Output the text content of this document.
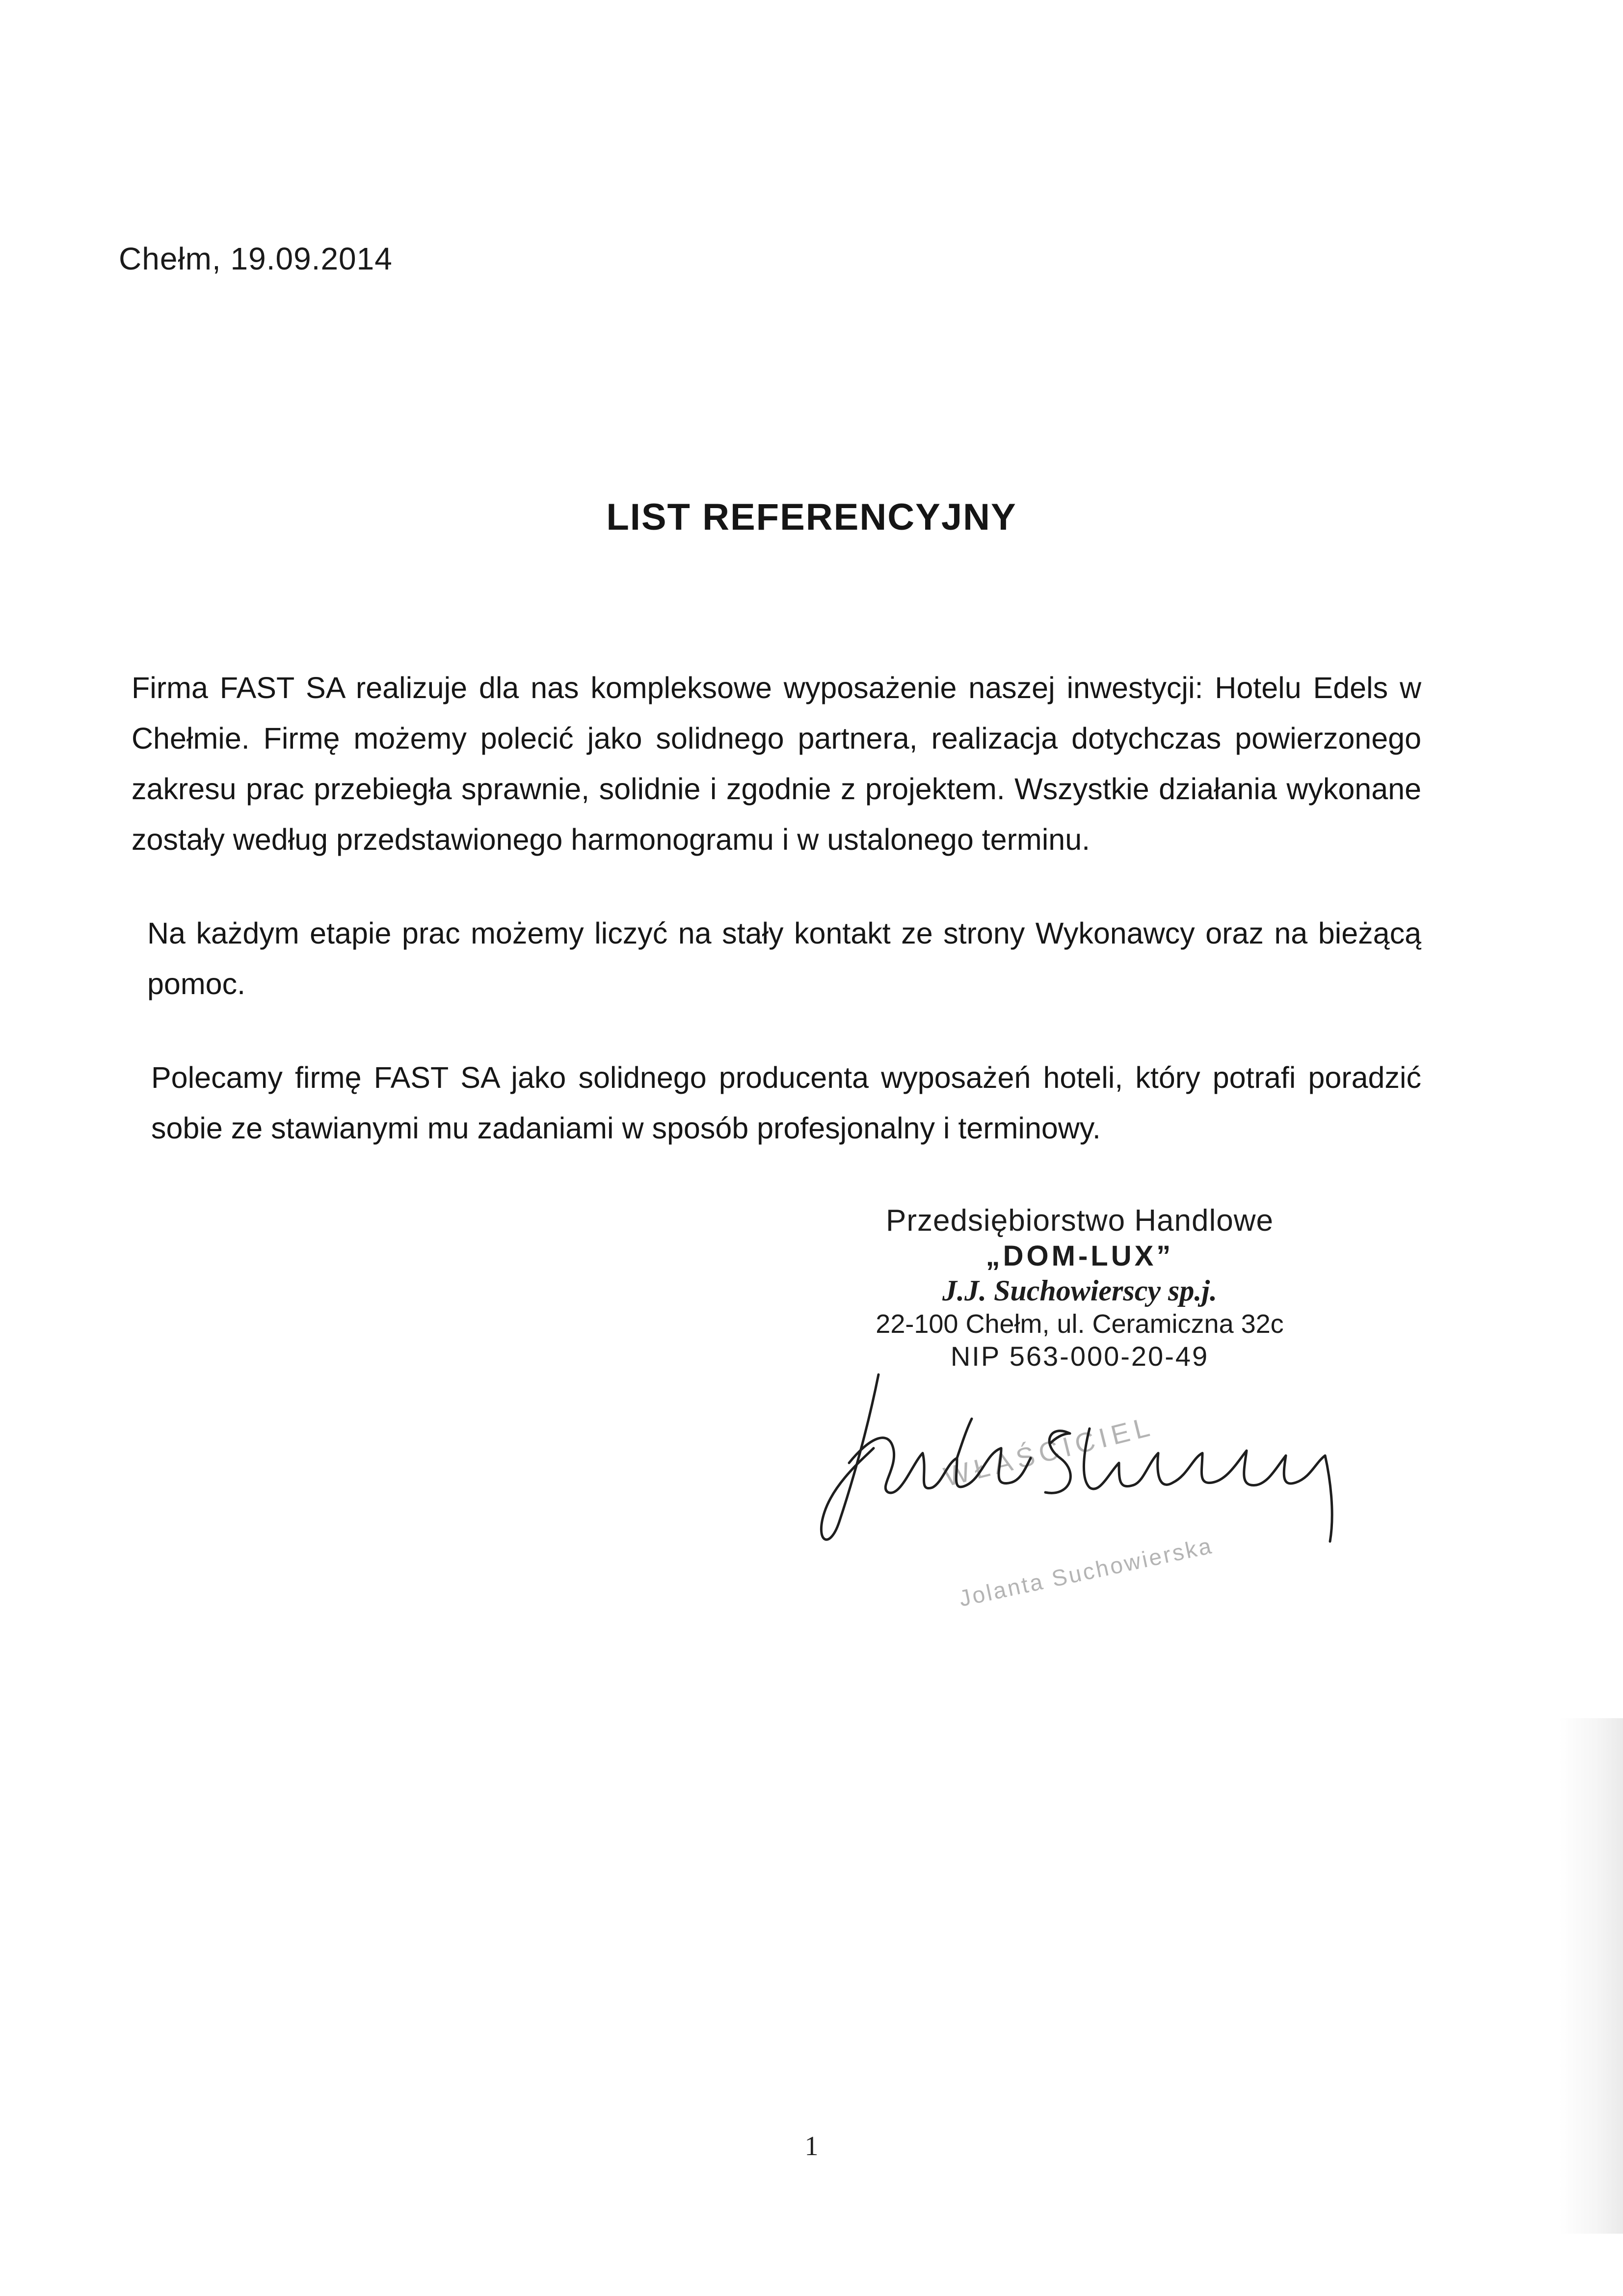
Chełm, 19.09.2014
LIST REFERENCYJNY

Firma FAST SA realizuje dla nas kompleksowe wyposażenie naszej inwestycji: Hotelu Edels w Chełmie. Firmę możemy polecić jako solidnego partnera, realizacja dotychczas powierzonego zakresu prac przebiegła sprawnie, solidnie i zgodnie z projektem. Wszystkie działania wykonane zostały według przedstawionego harmonogramu i w ustalonego terminu.

Na każdym etapie prac możemy liczyć na stały kontakt ze strony Wykonawcy oraz na bieżącą pomoc.

Polecamy firmę FAST SA jako solidnego producenta wyposażeń hoteli, który potrafi poradzić sobie ze stawianymi mu zadaniami w sposób profesjonalny i terminowy.

Przedsiębiorstwo Handlowe
„DOM-LUX”
J.J. Suchowierscy sp.j.
22-100 Chełm, ul. Ceramiczna 32c
NIP 563-000-20-49
WŁAŚCICIEL
Jolanta Suchowierska
1
